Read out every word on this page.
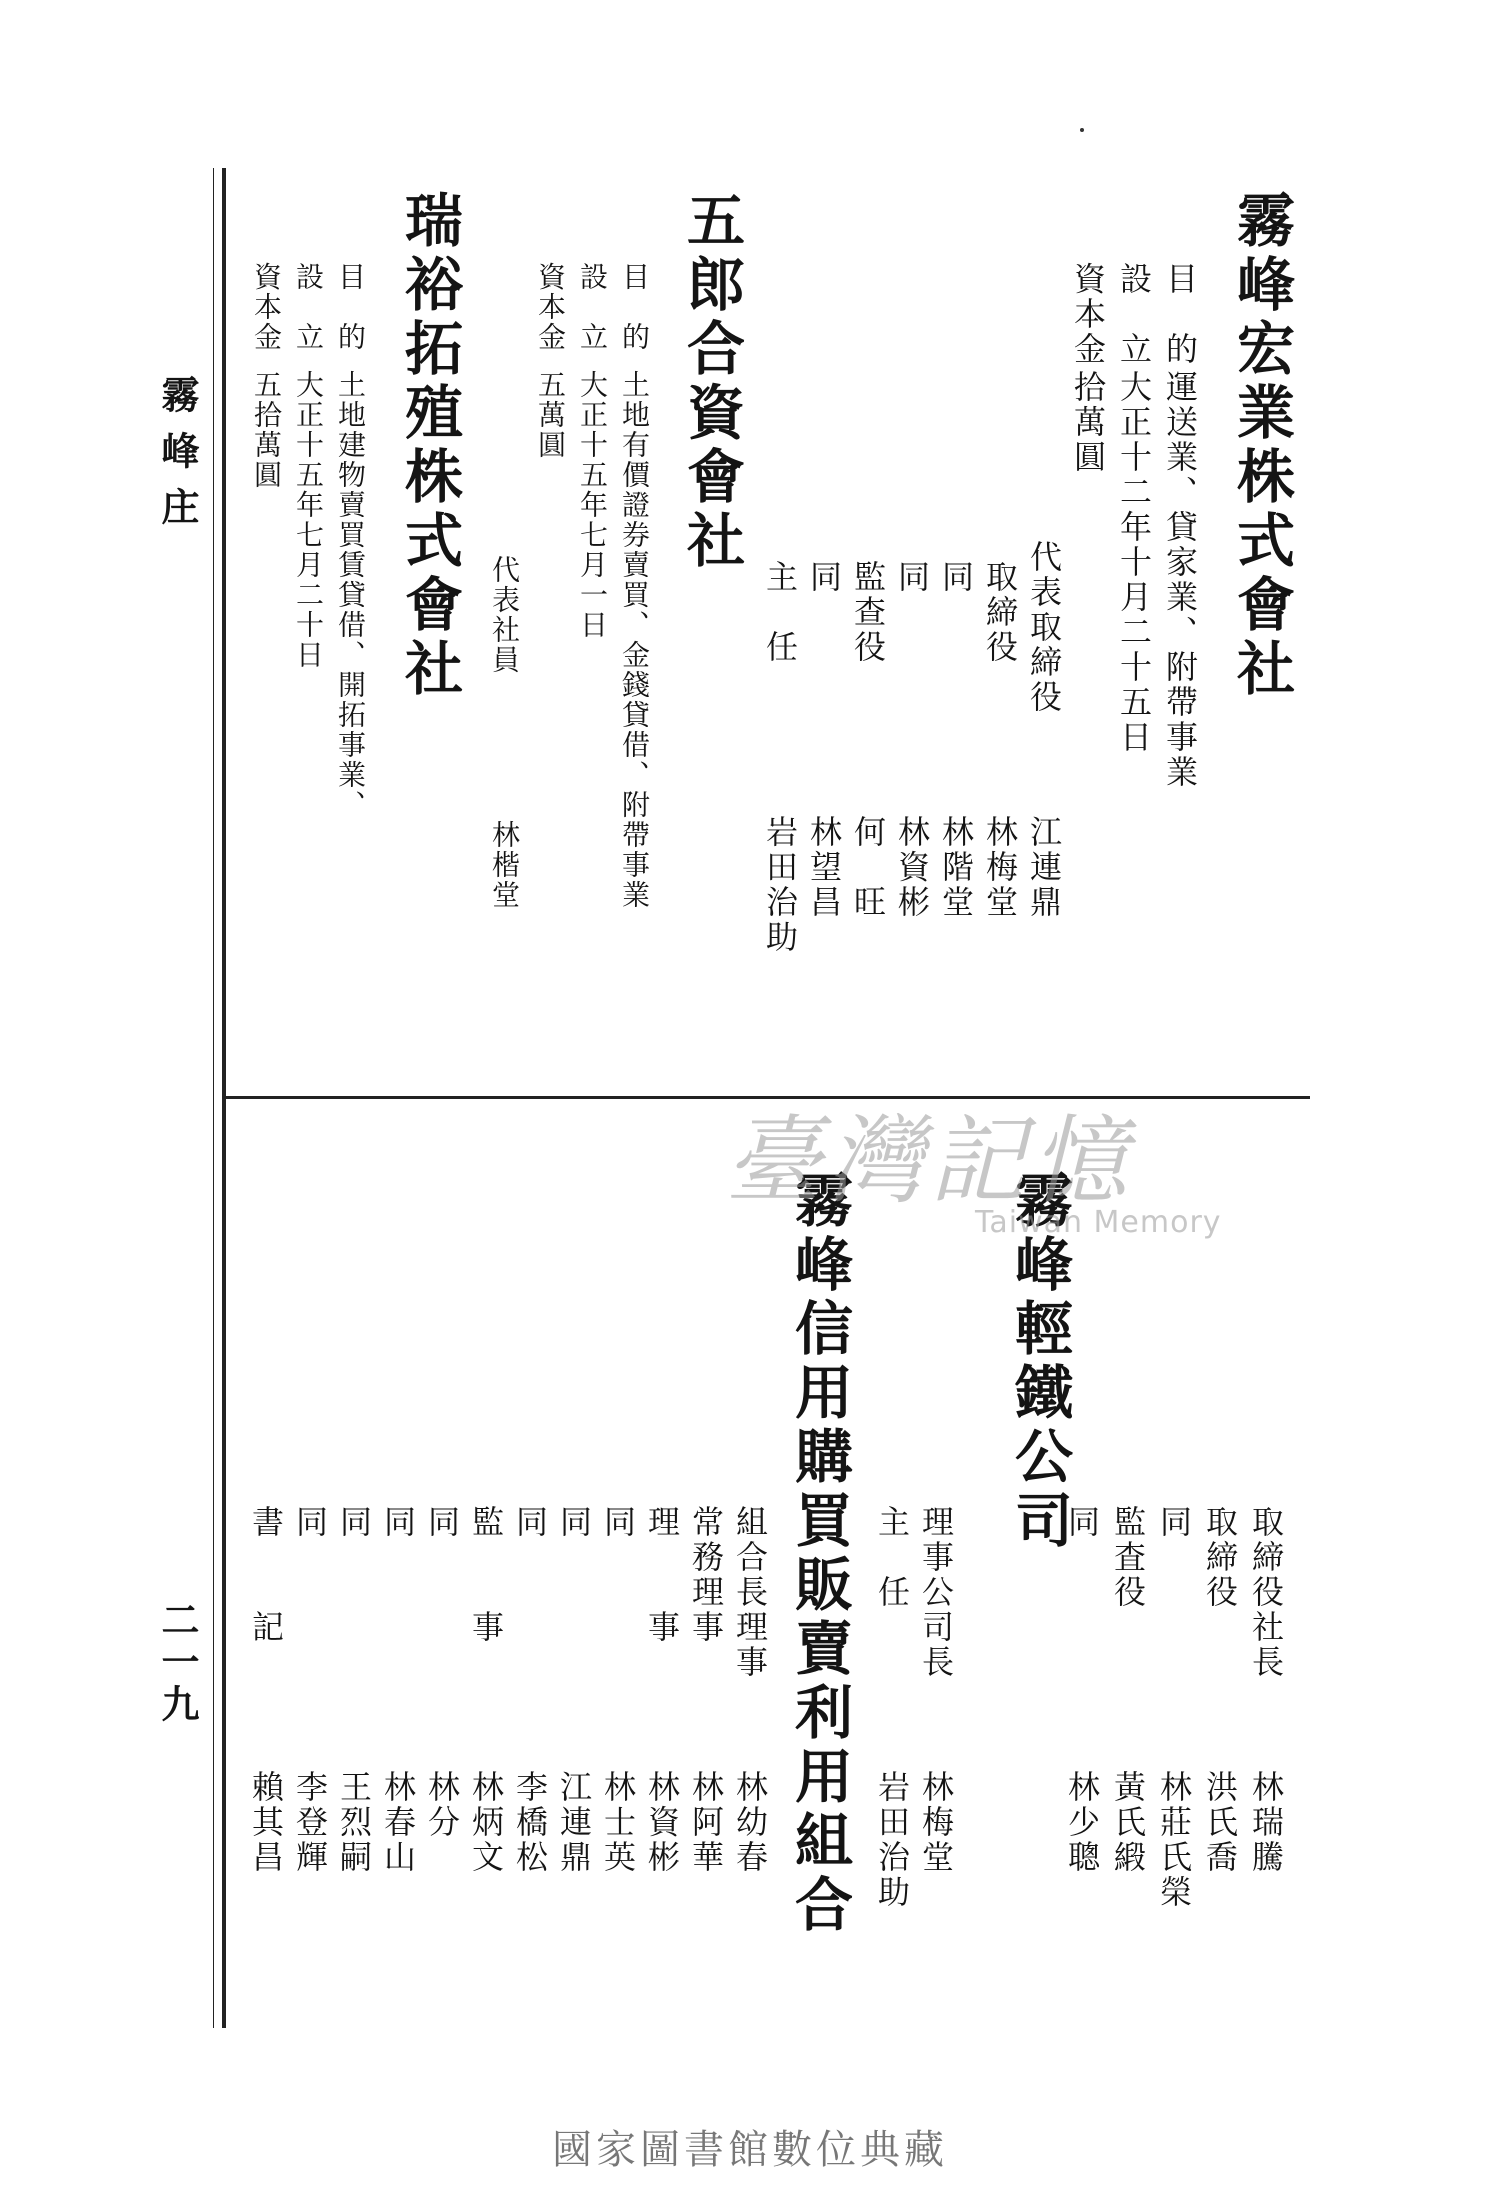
霧峰庄
二一九
霧峰宏業株式會社
目　的
運送業、貸家業、附帶事業
設　立
大正十二年十月二十五日
資本金
拾萬圓
代表取締役
江連鼎
取締役
林梅堂
同
林階堂
同
林資彬
監查役
何　旺
同
林望昌
主　任
岩田治助
五郎合資會社
目　的
土地有價證券賣買、金錢貸借、附帶事業
設　立
大正十五年七月一日
資本金
五萬圓
代表社員
林楷堂
瑞裕拓殖株式會社
目　的
土地建物賣買賃貸借、開拓事業、
設　立
大正十五年七月二十日
資本金
五拾萬圓
霧峰輕鐵公司
取締役社長
林瑞騰
取締役
洪氏喬
同
林莊氏榮
監査役
黃氏緞
同
林少聰
霧峰信用購買販賣利用組合 理事公司長
林梅堂
主　任
岩田治助
組合長理事
林幼春
常務理事
林阿華
理　　事
林資彬
同
林士英
同
江連鼎
同
李橋松
監　　事
林炳文
同
林分
同
林春山
同
王烈嗣
同
李登輝
書　　記
賴其昌
臺灣記憶
Taiwan Memory
國家圖書館數位典藏
